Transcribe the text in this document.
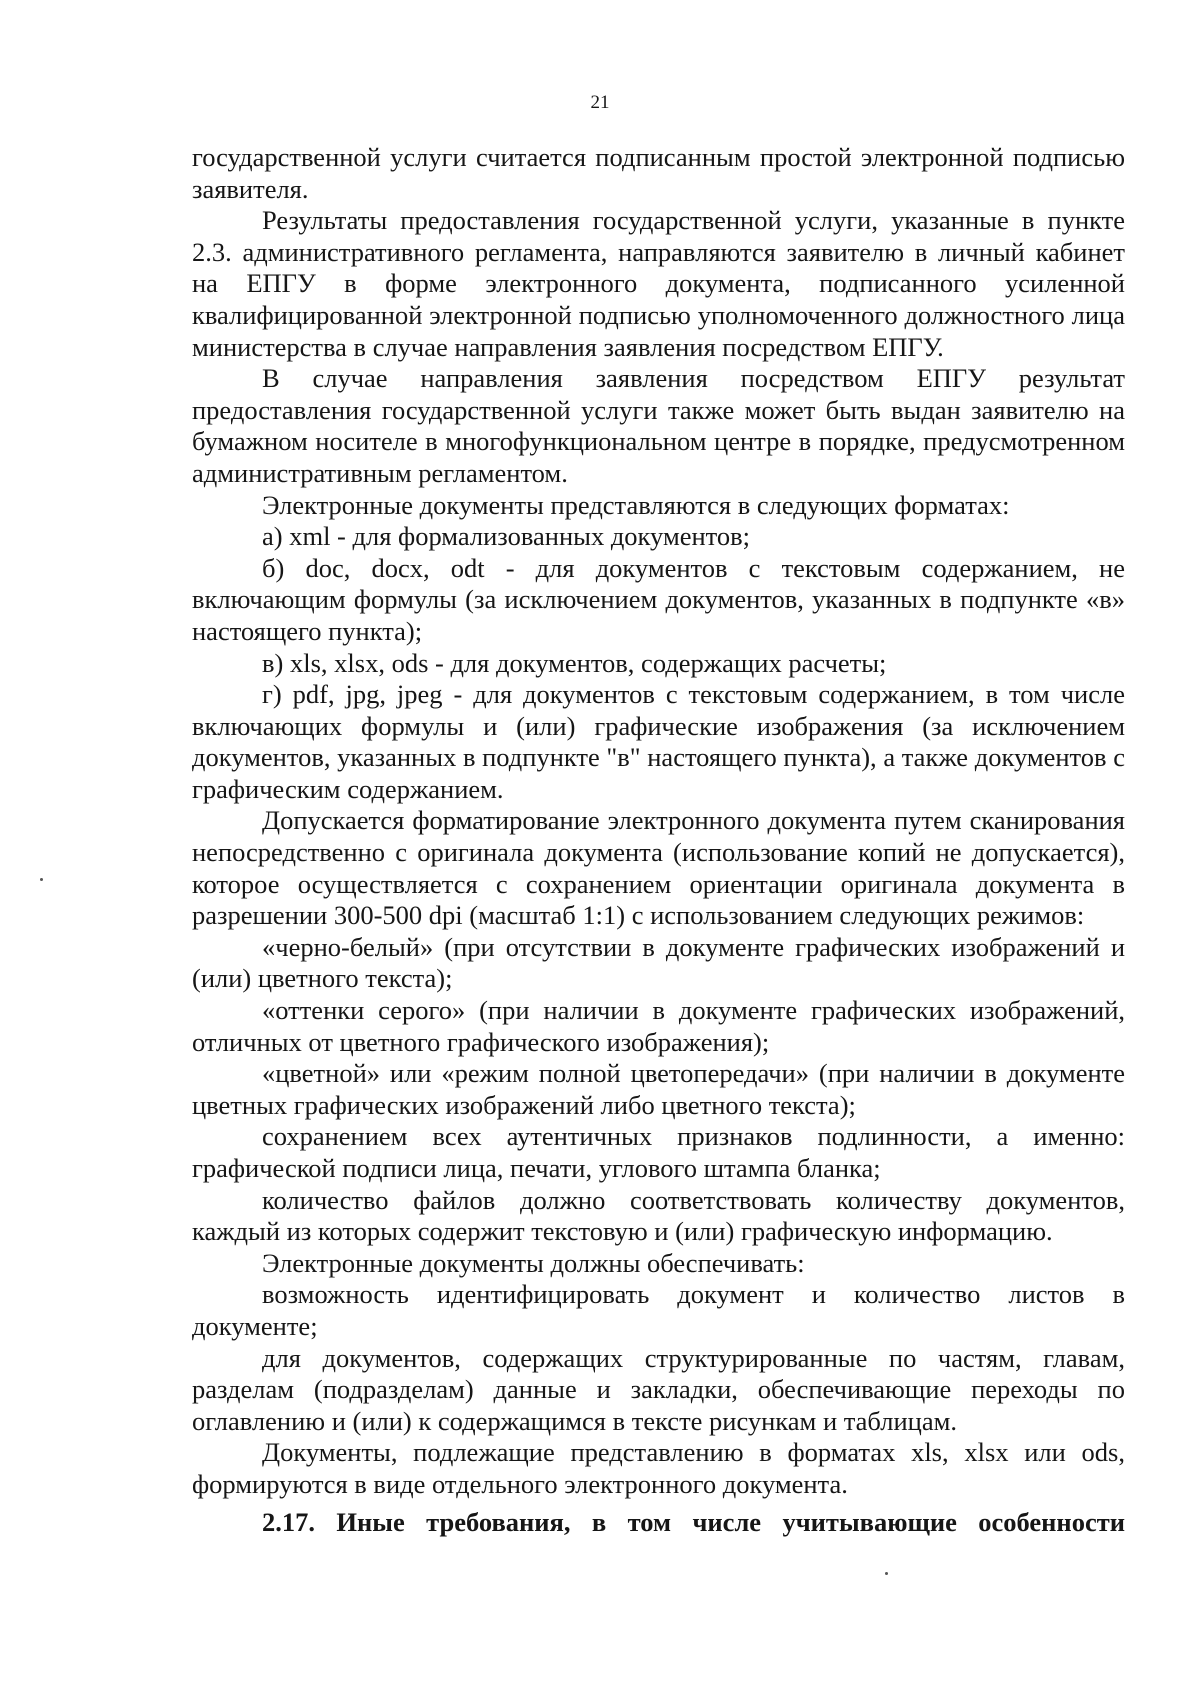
21

государственной услуги считается подписанным простой электронной подписью заявителя.

Результаты предоставления государственной услуги, указанные в пункте 2.3. административного регламента, направляются заявителю в личный кабинет на ЕПГУ в форме электронного документа, подписанного усиленной квалифицированной электронной подписью уполномоченного должностного лица министерства в случае направления заявления посредством ЕПГУ.

В случае направления заявления посредством ЕПГУ результат предоставления государственной услуги также может быть выдан заявителю на бумажном носителе в многофункциональном центре в порядке, предусмотренном административным регламентом.

Электронные документы представляются в следующих форматах:

а) xml - для формализованных документов;

б) doc, docx, odt - для документов с текстовым содержанием, не включающим формулы (за исключением документов, указанных в подпункте «в» настоящего пункта);

в) xls, xlsx, ods - для документов, содержащих расчеты;

г) pdf, jpg, jpeg - для документов с текстовым содержанием, в том числе включающих формулы и (или) графические изображения (за исключением документов, указанных в подпункте "в" настоящего пункта), а также документов с графическим содержанием.

Допускается форматирование электронного документа путем сканирования непосредственно с оригинала документа (использование копий не допускается), которое осуществляется с сохранением ориентации оригинала документа в разрешении 300-500 dpi (масштаб 1:1) с использованием следующих режимов:

«черно-белый» (при отсутствии в документе графических изображений и (или) цветного текста);

«оттенки серого» (при наличии в документе графических изображений, отличных от цветного графического изображения);

«цветной» или «режим полной цветопередачи» (при наличии в документе цветных графических изображений либо цветного текста);

сохранением всех аутентичных признаков подлинности, а именно: графической подписи лица, печати, углового штампа бланка;

количество файлов должно соответствовать количеству документов, каждый из которых содержит текстовую и (или) графическую информацию.

Электронные документы должны обеспечивать:

возможность идентифицировать документ и количество листов в документе;

для документов, содержащих структурированные по частям, главам, разделам (подразделам) данные и закладки, обеспечивающие переходы по оглавлению и (или) к содержащимся в тексте рисункам и таблицам.

Документы, подлежащие представлению в форматах xls, xlsx или ods, формируются в виде отдельного электронного документа.

2.17. Иные требования, в том числе учитывающие особенности
